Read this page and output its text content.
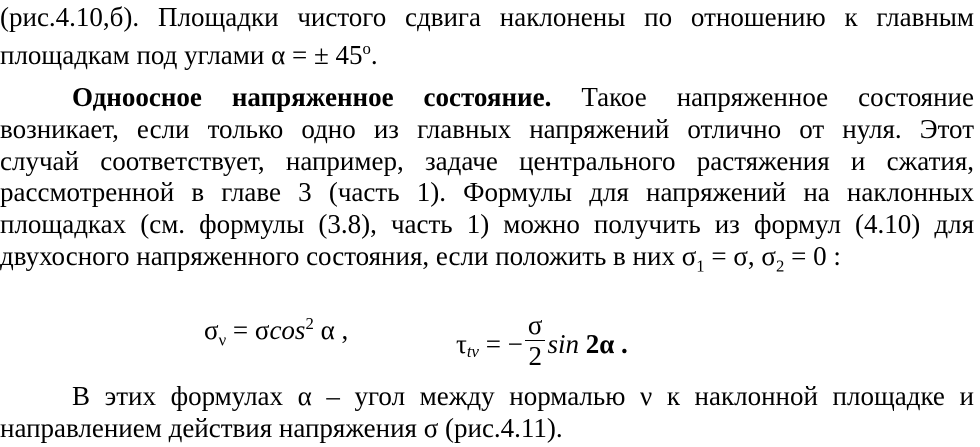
(рис.4.10,б). Площадки чистого сдвига наклонены по отношению к главным
площадкам под углами α = ± $45^o$.
Одноосное напряженное состояние. Такое напряженное состояние
возникает, если только одно из главных напряжений отлично от нуля. Этот
случай соответствует, например, задаче центрального растяжения и сжатия,
рассмотренной в главе 3 (часть 1). Формулы для напряжений на наклонных
площадках (см. формулы (3.8), часть 1) можно получить из формул (4.10) для
двухосного напряженного состояния, если положить в них $\sigma_1 = \sigma$, $\sigma_2 = 0$ :
$\sigma_\nu = \sigma\cos^2$ α ,	$\tau_{t\nu}$ = − $\frac{\sigma}{2}$ sin 2α .
В этих формулах α – угол между нормалью ν к наклонной площадке и
направлением действия напряжения σ (рис.4.11).
